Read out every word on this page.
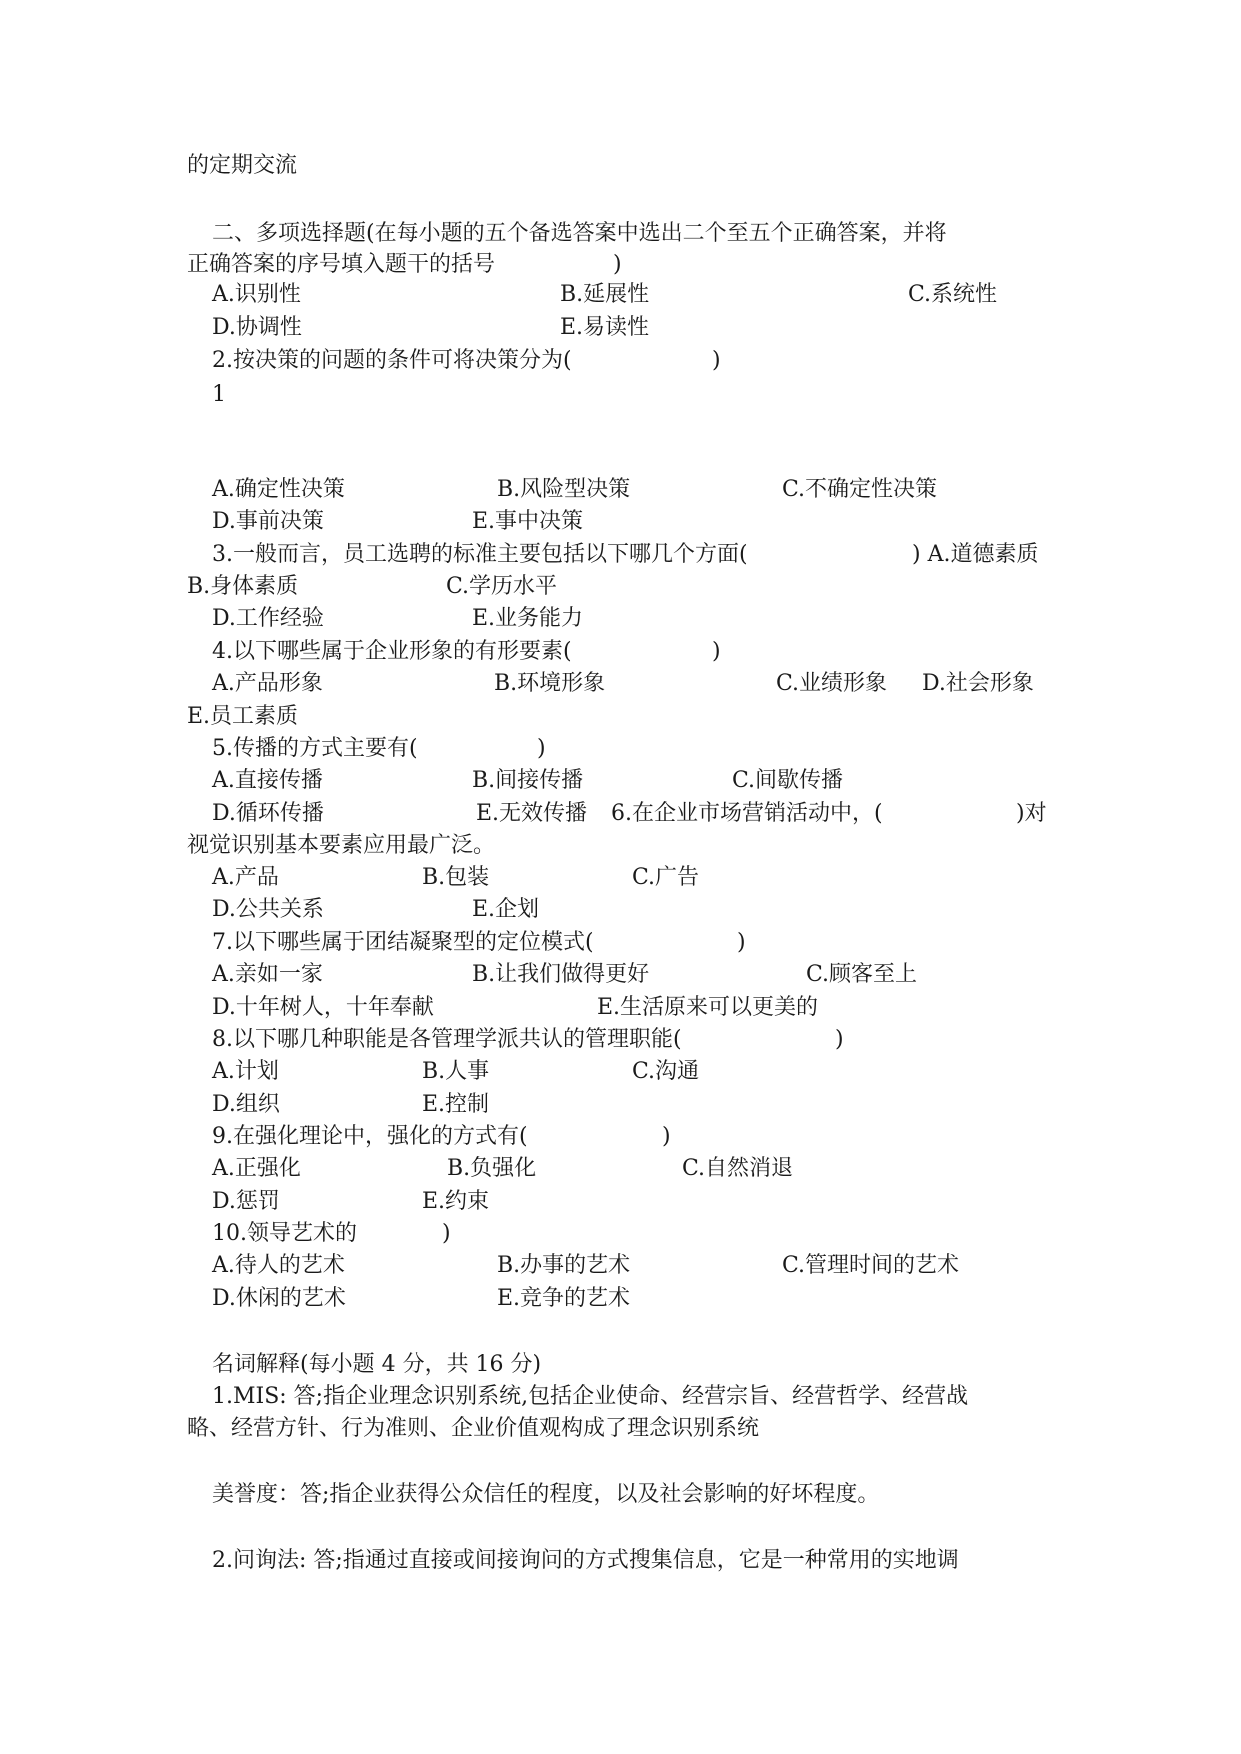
的定期交流
二、多项选择题(在每小题的五个备选答案中选出二个至五个正确答案，并将
正确答案的序号填入题干的括号	)
A.识别性	B.延展性	C.系统性
D.协调性	E.易读性
2.按决策的问题的条件可将决策分为(	)
1
A.确定性决策	B.风险型决策	C.不确定性决策
D.事前决策	E.事中决策
3.一般而言，员工选聘的标准主要包括以下哪几个方面(	) A.道德素质
B.身体素质	C.学历水平
D.工作经验	E.业务能力
4.以下哪些属于企业形象的有形要素(	)
A.产品形象	B.环境形象	C.业绩形象 D.社会形象
E.员工素质
5.传播的方式主要有(	)
A.直接传播	B.间接传播	C.间歇传播
D.循环传播	E.无效传播 6.在企业市场营销活动中，(	)对
视觉识别基本要素应用最广泛。
A.产品	B.包装	C.广告
D.公共关系	E.企划
7.以下哪些属于团结凝聚型的定位模式(	)
A.亲如一家	B.让我们做得更好	C.顾客至上
D.十年树人，十年奉献	E.生活原来可以更美的
8.以下哪几种职能是各管理学派共认的管理职能(	)
A.计划	B.人事	C.沟通
D.组织	E.控制
9.在强化理论中，强化的方式有(	)
A.正强化	B.负强化	C.自然消退
D.惩罚	E.约束
10.领导艺术的	)
A.待人的艺术	B.办事的艺术	C.管理时间的艺术
D.休闲的艺术	E.竞争的艺术
名词解释(每小题 4 分，共 16 分)
1.MIS: 答;指企业理念识别系统,包括企业使命、经营宗旨、经营哲学、经营战
略、经营方针、行为准则、企业价值观构成了理念识别系统
美誉度：答;指企业获得公众信任的程度，以及社会影响的好坏程度。
2.问询法: 答;指通过直接或间接询问的方式搜集信息，它是一种常用的实地调
